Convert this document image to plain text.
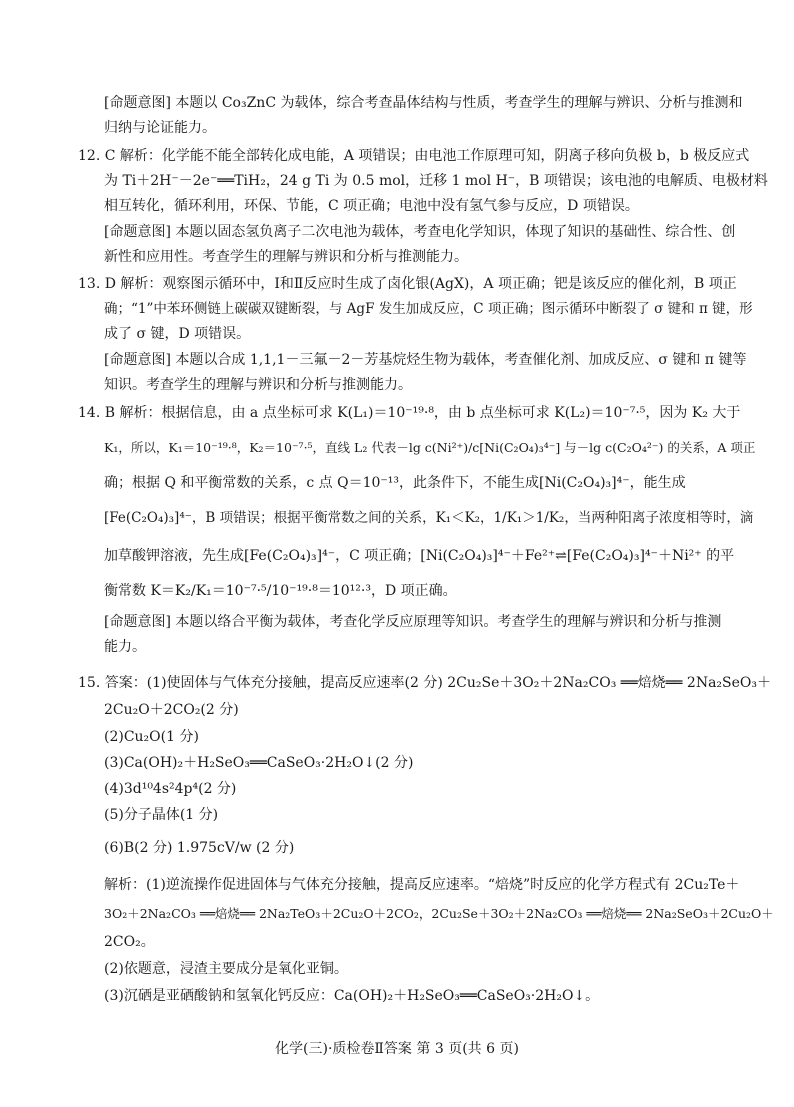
[命题意图] 本题以 Co₃ZnC 为载体，综合考查晶体结构与性质，考查学生的理解与辨识、分析与推测和
归纳与论证能力。
12. C 解析：化学能不能全部转化成电能，A 项错误；由电池工作原理可知，阴离子移向负极 b，b 极反应式
为 Ti＋2H⁻－2e⁻══TiH₂，24 g Ti 为 0.5 mol，迁移 1 mol H⁻，B 项错误；该电池的电解质、电极材料
相互转化，循环利用，环保、节能，C 项正确；电池中没有氢气参与反应，D 项错误。
[命题意图] 本题以固态氢负离子二次电池为载体，考查电化学知识，体现了知识的基础性、综合性、创
新性和应用性。考查学生的理解与辨识和分析与推测能力。
13. D 解析：观察图示循环中，Ⅰ和Ⅱ反应时生成了卤化银(AgX)，A 项正确；钯是该反应的催化剂，B 项正
确；“1”中苯环侧链上碳碳双键断裂，与 AgF 发生加成反应，C 项正确；图示循环中断裂了 σ 键和 π 键，形
成了 σ 键，D 项错误。
[命题意图] 本题以合成 1,1,1－三氟－2－芳基烷烃生物为载体，考查催化剂、加成反应、σ 键和 π 键等
知识。考查学生的理解与辨识和分析与推测能力。
14. B 解析：根据信息，由 a 点坐标可求 K(L₁)＝10⁻¹⁹·⁸，由 b 点坐标可求 K(L₂)＝10⁻⁷·⁵，因为 K₂ 大于
K₁，所以，K₁＝10⁻¹⁹·⁸，K₂＝10⁻⁷·⁵，直线 L₂ 代表－lg c(Ni²⁺)/c[Ni(C₂O₄)₃⁴⁻] 与－lg c(C₂O₄²⁻) 的关系，A 项正
确；根据 Q 和平衡常数的关系，c 点 Q＝10⁻¹³，此条件下，不能生成[Ni(C₂O₄)₃]⁴⁻，能生成
[Fe(C₂O₄)₃]⁴⁻，B 项错误；根据平衡常数之间的关系，K₁＜K₂，1/K₁＞1/K₂，当两种阳离子浓度相等时，滴
加草酸钾溶液，先生成[Fe(C₂O₄)₃]⁴⁻，C 项正确；[Ni(C₂O₄)₃]⁴⁻＋Fe²⁺⇌[Fe(C₂O₄)₃]⁴⁻＋Ni²⁺ 的平
衡常数 K＝K₂/K₁＝10⁻⁷·⁵/10⁻¹⁹·⁸＝10¹²·³，D 项正确。
[命题意图] 本题以络合平衡为载体，考查化学反应原理等知识。考查学生的理解与辨识和分析与推测
能力。
15. 答案：(1)使固体与气体充分接触，提高反应速率(2 分) 2Cu₂Se＋3O₂＋2Na₂CO₃ ══焙烧══ 2Na₂SeO₃＋
2Cu₂O＋2CO₂(2 分)
(2)Cu₂O(1 分)
(3)Ca(OH)₂＋H₂SeO₃══CaSeO₃·2H₂O↓(2 分)
(4)3d¹⁰4s²4p⁴(2 分)
(5)分子晶体(1 分)
(6)B(2 分) 1.975cV/w (2 分)
解析：(1)逆流操作促进固体与气体充分接触，提高反应速率。“焙烧”时反应的化学方程式有 2Cu₂Te＋
3O₂＋2Na₂CO₃ ══焙烧══ 2Na₂TeO₃＋2Cu₂O＋2CO₂，2Cu₂Se＋3O₂＋2Na₂CO₃ ══焙烧══ 2Na₂SeO₃＋2Cu₂O＋
2CO₂。
(2)依题意，浸渣主要成分是氧化亚铜。
(3)沉硒是亚硒酸钠和氢氧化钙反应：Ca(OH)₂＋H₂SeO₃══CaSeO₃·2H₂O↓。
化学(三)·质检卷Ⅱ答案 第 3 页(共 6 页)
